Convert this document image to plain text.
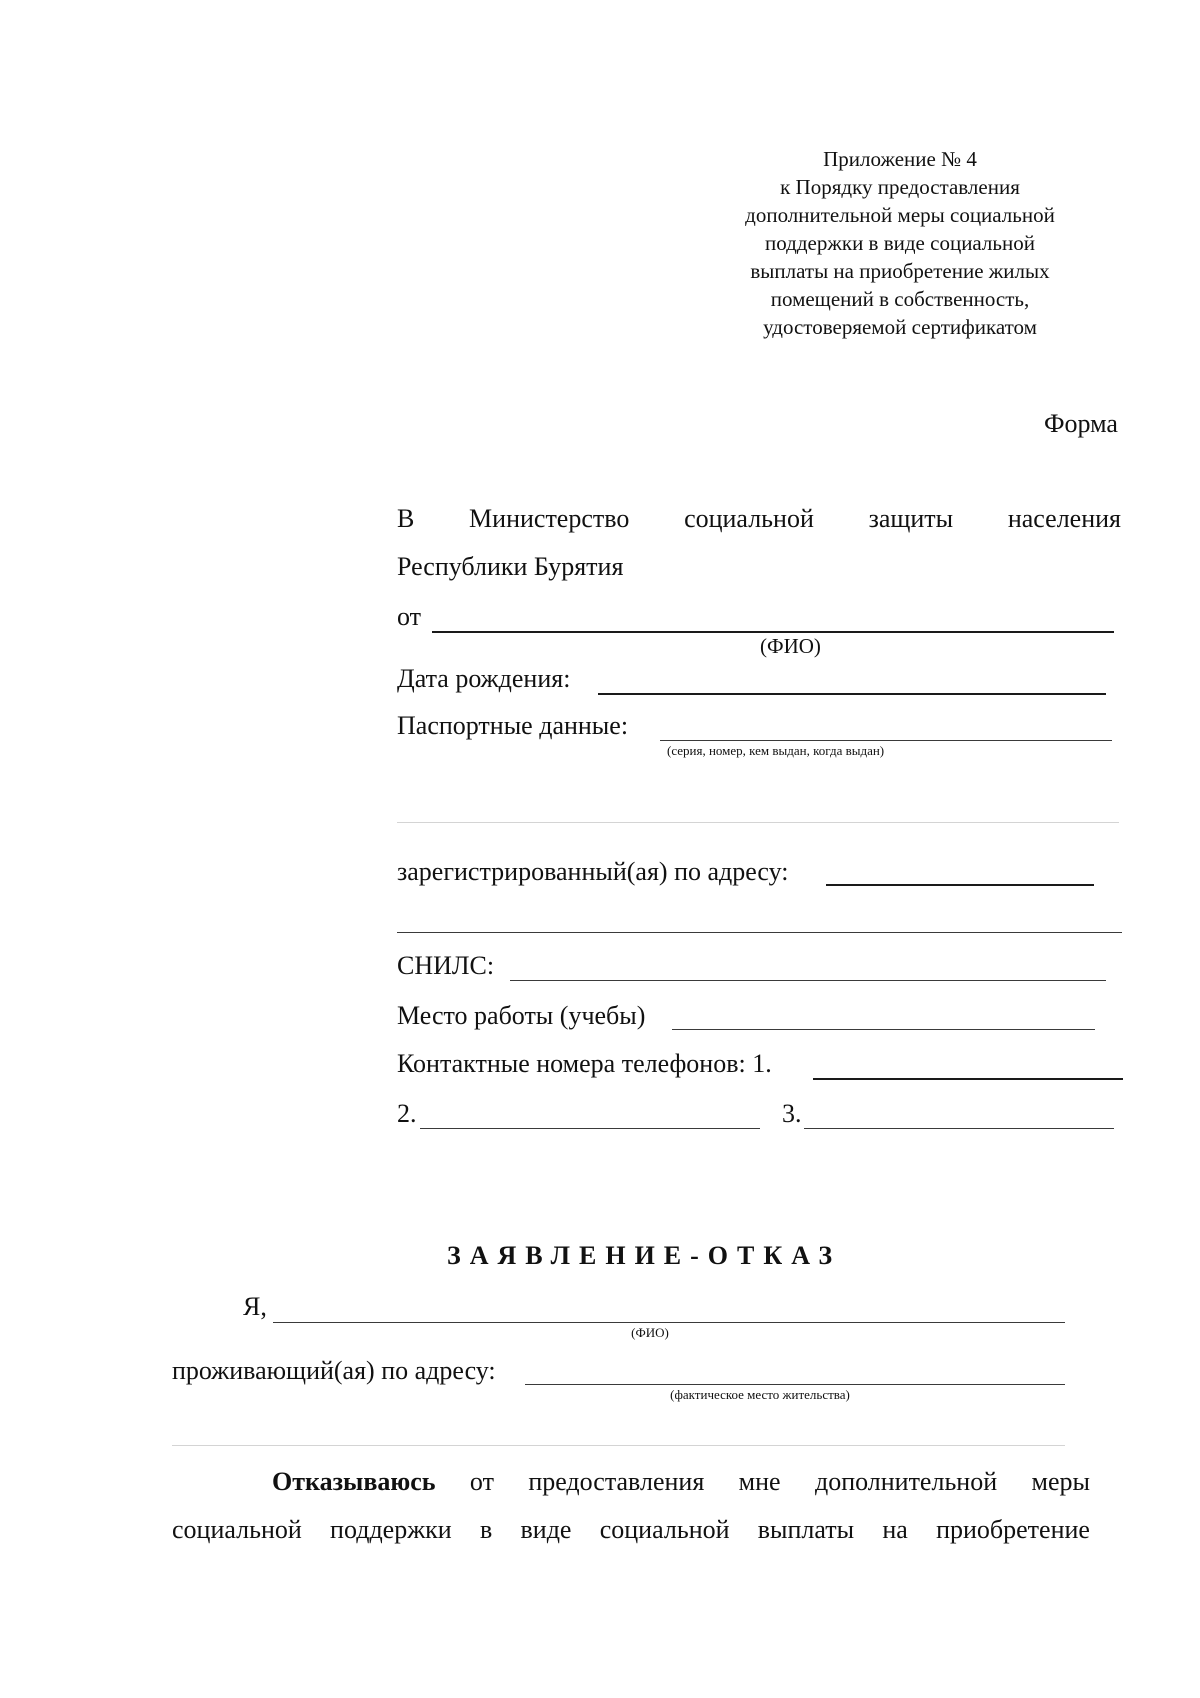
Приложение № 4
к Порядку предоставления
дополнительной меры социальной
поддержки в виде социальной
выплаты на приобретение жилых
помещений в собственность,
удостоверяемой сертификатом
Форма
В Министерство социальной защиты населения
Республики Бурятия
от
(ФИО)
Дата рождения:
Паспортные данные:
(серия, номер, кем выдан, когда выдан)
зарегистрированный(ая) по адресу:
СНИЛС:
Место работы (учебы)
Контактные номера телефонов: 1.
2.	3.
ЗАЯВЛЕНИЕ-ОТКАЗ
Я,
(ФИО)
проживающий(ая) по адресу:
(фактическое место жительства)
Отказываюсь от предоставления мне дополнительной меры
социальной поддержки в виде социальной выплаты на приобретение
